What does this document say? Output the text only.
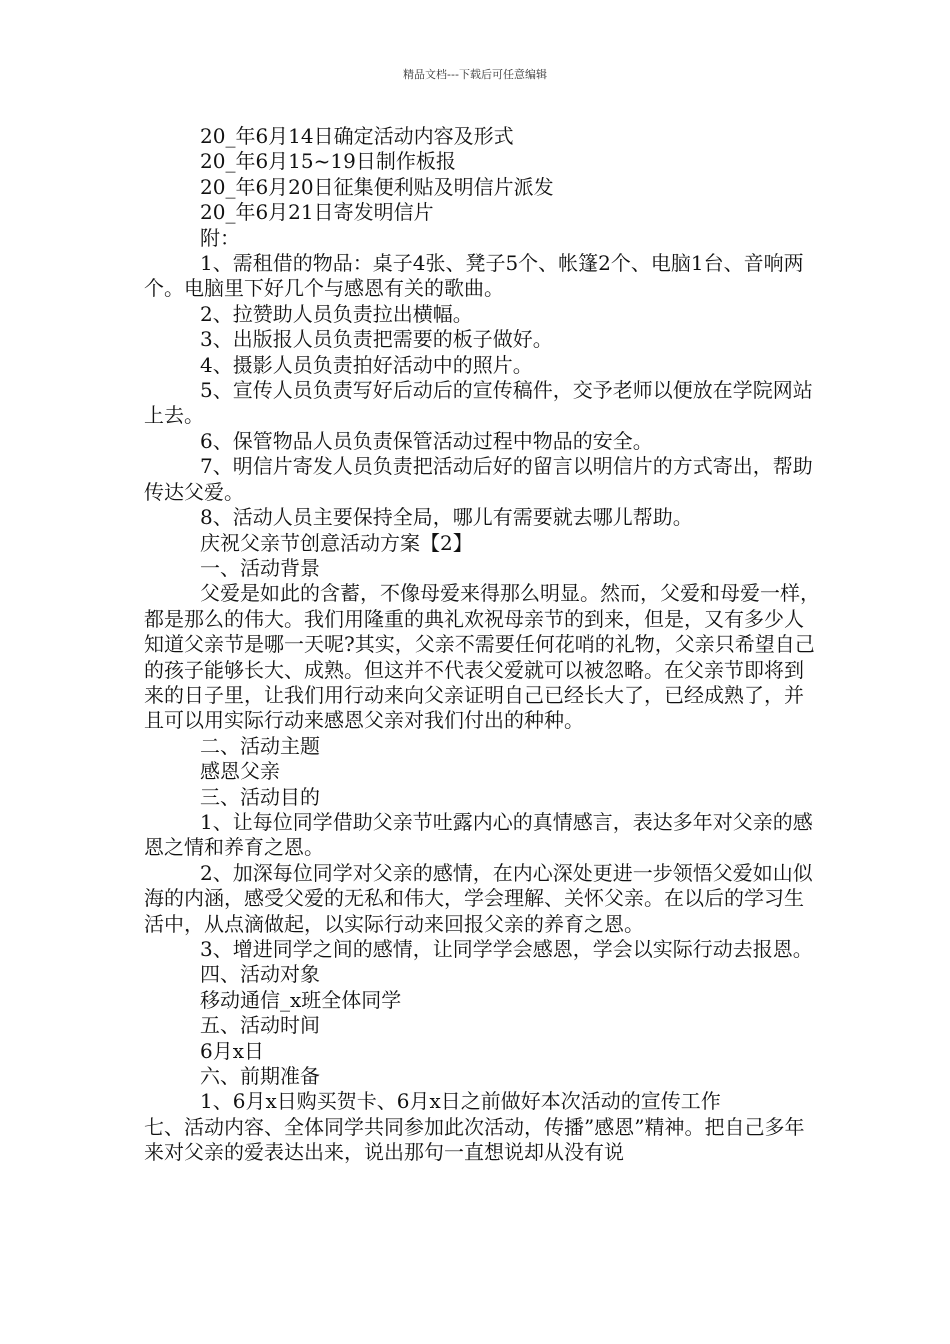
精品文档---下载后可任意编辑

20_年6月14日确定活动内容及形式

20_年6月15~19日制作板报

20_年6月20日征集便利贴及明信片派发

20_年6月21日寄发明信片

附：

1、需租借的物品：桌子4张、凳子5个、帐篷2个、电脑1台、音响两个。电脑里下好几个与感恩有关的歌曲。

2、拉赞助人员负责拉出横幅。

3、出版报人员负责把需要的板子做好。

4、摄影人员负责拍好活动中的照片。

5、宣传人员负责写好后动后的宣传稿件，交予老师以便放在学院网站上去。

6、保管物品人员负责保管活动过程中物品的安全。

7、明信片寄发人员负责把活动后好的留言以明信片的方式寄出，帮助传达父爱。

8、活动人员主要保持全局，哪儿有需要就去哪儿帮助。

庆祝父亲节创意活动方案【2】

一、活动背景

父爱是如此的含蓄，不像母爱来得那么明显。然而，父爱和母爱一样，都是那么的伟大。我们用隆重的典礼欢祝母亲节的到来，但是，又有多少人知道父亲节是哪一天呢?其实，父亲不需要任何花哨的礼物，父亲只希望自己的孩子能够长大、成熟。但这并不代表父爱就可以被忽略。在父亲节即将到来的日子里，让我们用行动来向父亲证明自己已经长大了，已经成熟了，并且可以用实际行动来感恩父亲对我们付出的种种。

二、活动主题

感恩父亲

三、活动目的

1、让每位同学借助父亲节吐露内心的真情感言，表达多年对父亲的感恩之情和养育之恩。

2、加深每位同学对父亲的感情，在内心深处更进一步领悟父爱如山似海的内涵，感受父爱的无私和伟大，学会理解、关怀父亲。在以后的学习生活中，从点滴做起，以实际行动来回报父亲的养育之恩。

3、增进同学之间的感情，让同学学会感恩，学会以实际行动去报恩。

四、活动对象

移动通信_x班全体同学

五、活动时间

6月x日

六、前期准备

1、6月x日购买贺卡、6月x日之前做好本次活动的宣传工作

七、活动内容、全体同学共同参加此次活动，传播”感恩”精神。把自己多年来对父亲的爱表达出来，说出那句一直想说却从没有说
